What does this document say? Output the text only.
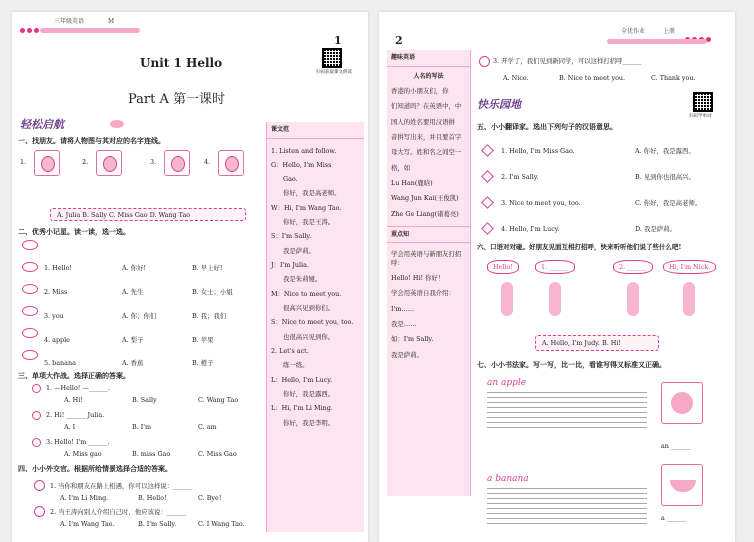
三年级英语	M
1
扫码获取课文朗读
Unit 1 Hello
Part A 第一课时
轻松启航
一、找朋友。请将人物图与其对应的名字连线。
1.	2.	3.	4.
A. Julia B. Sally C. Miss Gao D. Wang Tao
二、优秀小记星。读一读，选一选。
1. Hello!	A. 你好!	B. 早上好!
2. Miss	A. 先生	B. 女士；小姐
3. you	A. 你；你们	B. 我；我们
4. apple	A. 梨子	B. 苹果
5. banana	A. 香蕉	B. 橙子
三、单项大作战。选择正确的答案。
1. —Hello! —______.
A. Hi!	B. Sally	C. Wang Tao
2. Hi! ______ Julia.
A. I	B. I'm	C. am
3. Hello! I'm ______.
A. Miss gao	B. miss Gao	C. Miss Gao
四、小小外交官。根据所给情景选择合适的答案。
1. 当你和朋友在路上相遇，你可以这样说：______
A. I'm Li Ming.	B. Hello!	C. Bye!
2. 当王涛向别人介绍自己时，他应该说：______
A. I'm Wang Tao.	B. I'm Sally.	C. I Wang Tao.
课文范
1. Listen and follow.
G：Hello, I'm Miss
Gao.
你好，我是高老师。
W：Hi, I'm Wang Tao.
你好，我是王涛。
S：I'm Sally.
我是萨莉。
J：I'm Julia.
我是朱莉娅。
M：Nice to meet you.
很高兴见到你们。
S：Nice to meet you, too.
也很高兴见到你。
2. Let's act.
练一练。
L：Hello, I'm Lucy.
你好，我是露西。
L：Hi, I'm Li Ming.
你好，我是李明。
2
全优作业	上册
趣味英语
人名的写法
香港的小朋友们，你
们知道吗？在英语中，中
国人的姓名要用汉语拼
音拼写出来，并且要首字
母大写。姓和名之间空一
格，如
Lu Han(鹿晗)
Wang Jun Kai(王俊凯)
Zhe Ge Liang(诸葛亮)
重点知
学会用英语与新朋友打招呼：
Hello! Hi! 你好！
学会用英语自我介绍：
I'm……
我是……
如：I'm Sally.
我是萨莉。
3. 开学了，我们见到新同学，可以这样打招呼______
A. Nice.	B. Nice to meet you.	C. Thank you.
快乐园地
扫码学单词
五、小小翻译家。选出下列句子的汉语意思。
1. Hello, I'm Miss Gao.	A. 你好，我是露西。
2. I'm Sally.	B. 见到你也很高兴。
3. Nice to meet you, too.	C. 你好，我是高老师。
4. Hello, I'm Lucy.	D. 我是萨莉。
六、口语对对碰。好朋友见面互相打招呼，快来听听他们说了些什么吧!
Hello!	1. ______	2. ______	Hi, I'm Nick.
A. Hello, I'm Judy. B. Hi!
七、小小书法家。写一写，比一比，看谁写得又标准又正确。
an apple
an ______
a banana
a ______
